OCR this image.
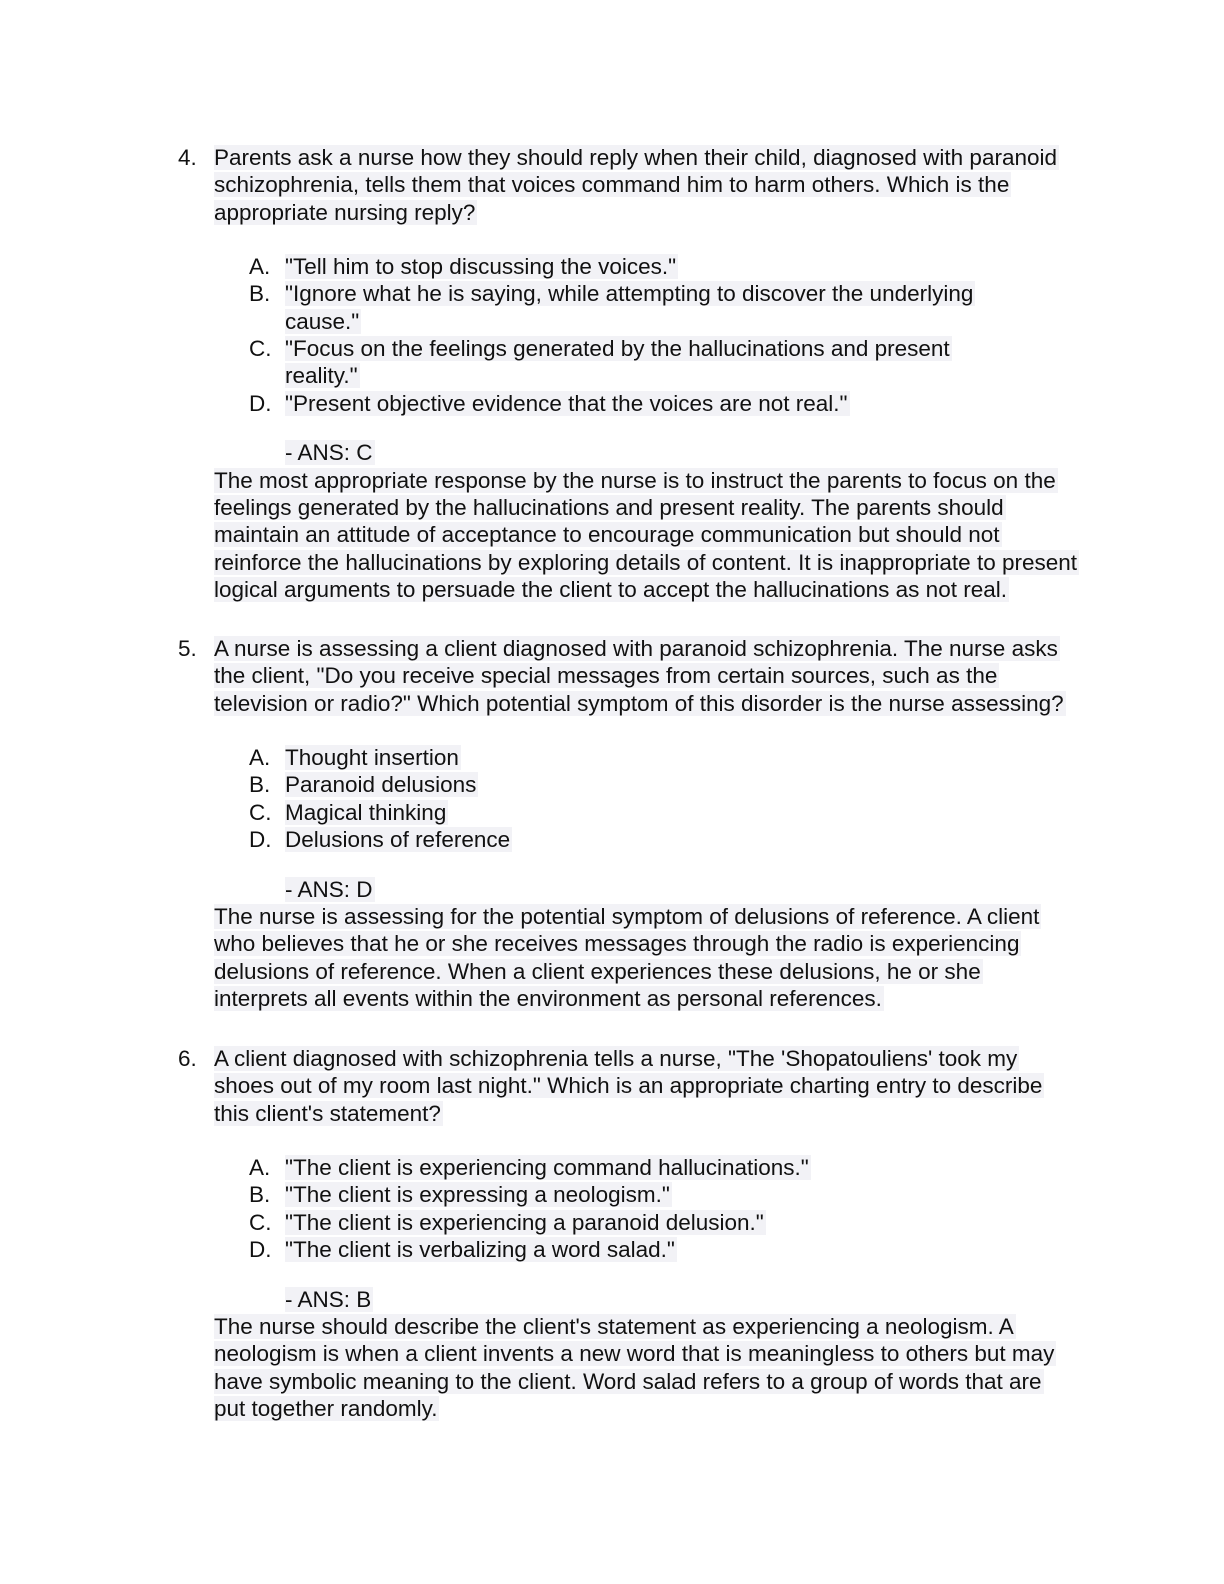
4. Parents ask a nurse how they should reply when their child, diagnosed with paranoid schizophrenia, tells them that voices command him to harm others. Which is the appropriate nursing reply?
A. "Tell him to stop discussing the voices."
B. "Ignore what he is saying, while attempting to discover the underlying cause."
C. "Focus on the feelings generated by the hallucinations and present reality."
D. "Present objective evidence that the voices are not real."
- ANS: C
The most appropriate response by the nurse is to instruct the parents to focus on the feelings generated by the hallucinations and present reality. The parents should maintain an attitude of acceptance to encourage communication but should not reinforce the hallucinations by exploring details of content. It is inappropriate to present logical arguments to persuade the client to accept the hallucinations as not real.
5. A nurse is assessing a client diagnosed with paranoid schizophrenia. The nurse asks the client, "Do you receive special messages from certain sources, such as the television or radio?" Which potential symptom of this disorder is the nurse assessing?
A. Thought insertion
B. Paranoid delusions
C. Magical thinking
D. Delusions of reference
- ANS: D
The nurse is assessing for the potential symptom of delusions of reference. A client who believes that he or she receives messages through the radio is experiencing delusions of reference. When a client experiences these delusions, he or she interprets all events within the environment as personal references.
6. A client diagnosed with schizophrenia tells a nurse, "The 'Shopatouliens' took my shoes out of my room last night." Which is an appropriate charting entry to describe this client's statement?
A. "The client is experiencing command hallucinations."
B. "The client is expressing a neologism."
C. "The client is experiencing a paranoid delusion."
D. "The client is verbalizing a word salad."
- ANS: B
The nurse should describe the client's statement as experiencing a neologism. A neologism is when a client invents a new word that is meaningless to others but may have symbolic meaning to the client. Word salad refers to a group of words that are put together randomly.
